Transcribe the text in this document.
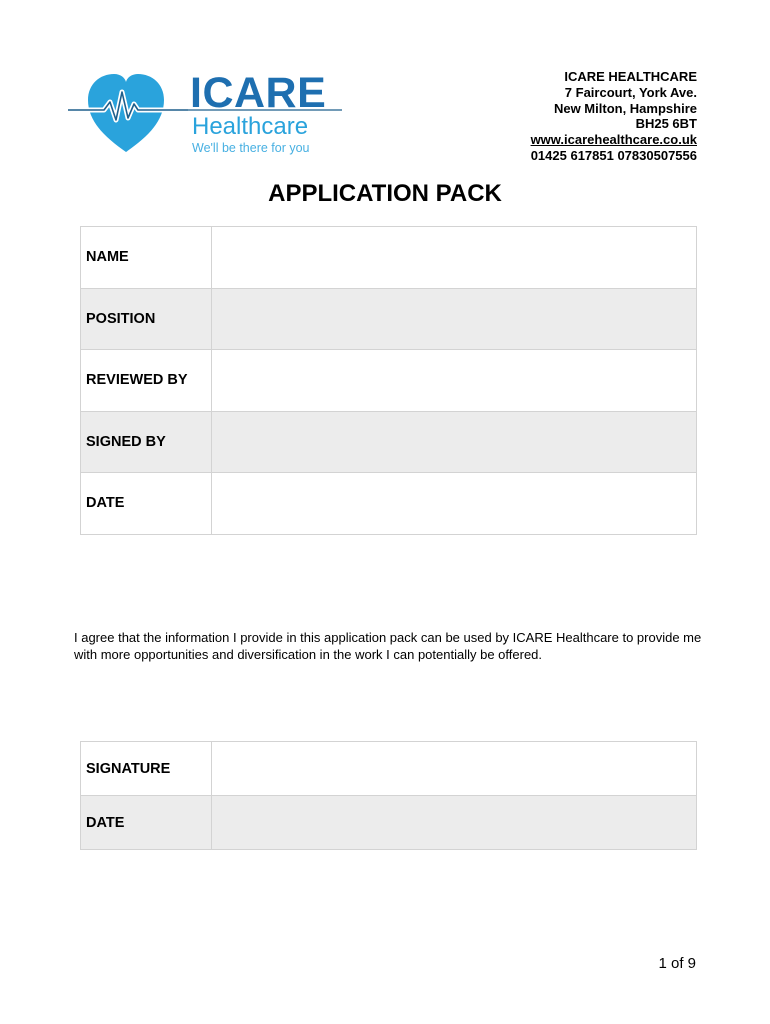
ICARE
Healthcare
We'll be there for you
ICARE HEALTHCARE
7 Faircourt, York Ave.
New Milton, Hampshire
BH25 6BT
www.icarehealthcare.co.uk
01425 617851 07830507556
APPLICATION PACK
NAME	
POSITION	
REVIEWED BY	
SIGNED BY	
DATE	
I agree that the information I provide in this application pack can be used by ICARE Healthcare to provide me with more opportunities and diversification in the work I can potentially be offered.
SIGNATURE	
DATE	
1 of 9
